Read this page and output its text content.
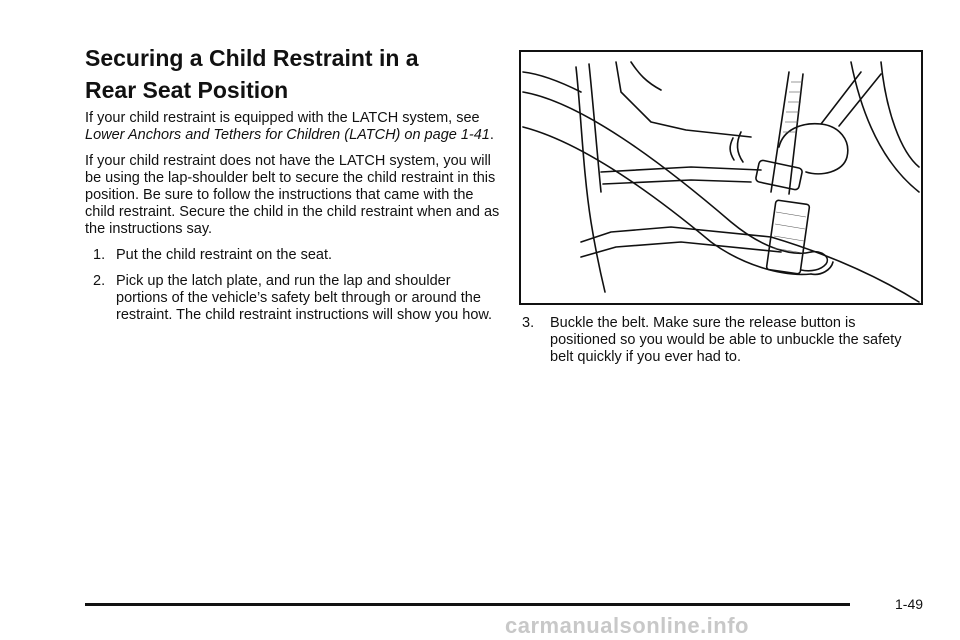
Securing a Child Restraint in a
Rear Seat Position

If your child restraint is equipped with the LATCH system, see Lower Anchors and Tethers for Children (LATCH) on page 1-41.

If your child restraint does not have the LATCH system, you will be using the lap-shoulder belt to secure the child restraint in this position. Be sure to follow the instructions that came with the child restraint. Secure the child in the child restraint when and as the instructions say.

1. Put the child restraint on the seat.
2. Pick up the latch plate, and run the lap and shoulder portions of the vehicle’s safety belt through or around the restraint. The child restraint instructions will show you how.	3. Buckle the belt. Make sure the release button is positioned so you would be able to unbuckle the safety belt quickly if you ever had to.
1-49
carmanualsonline.info
